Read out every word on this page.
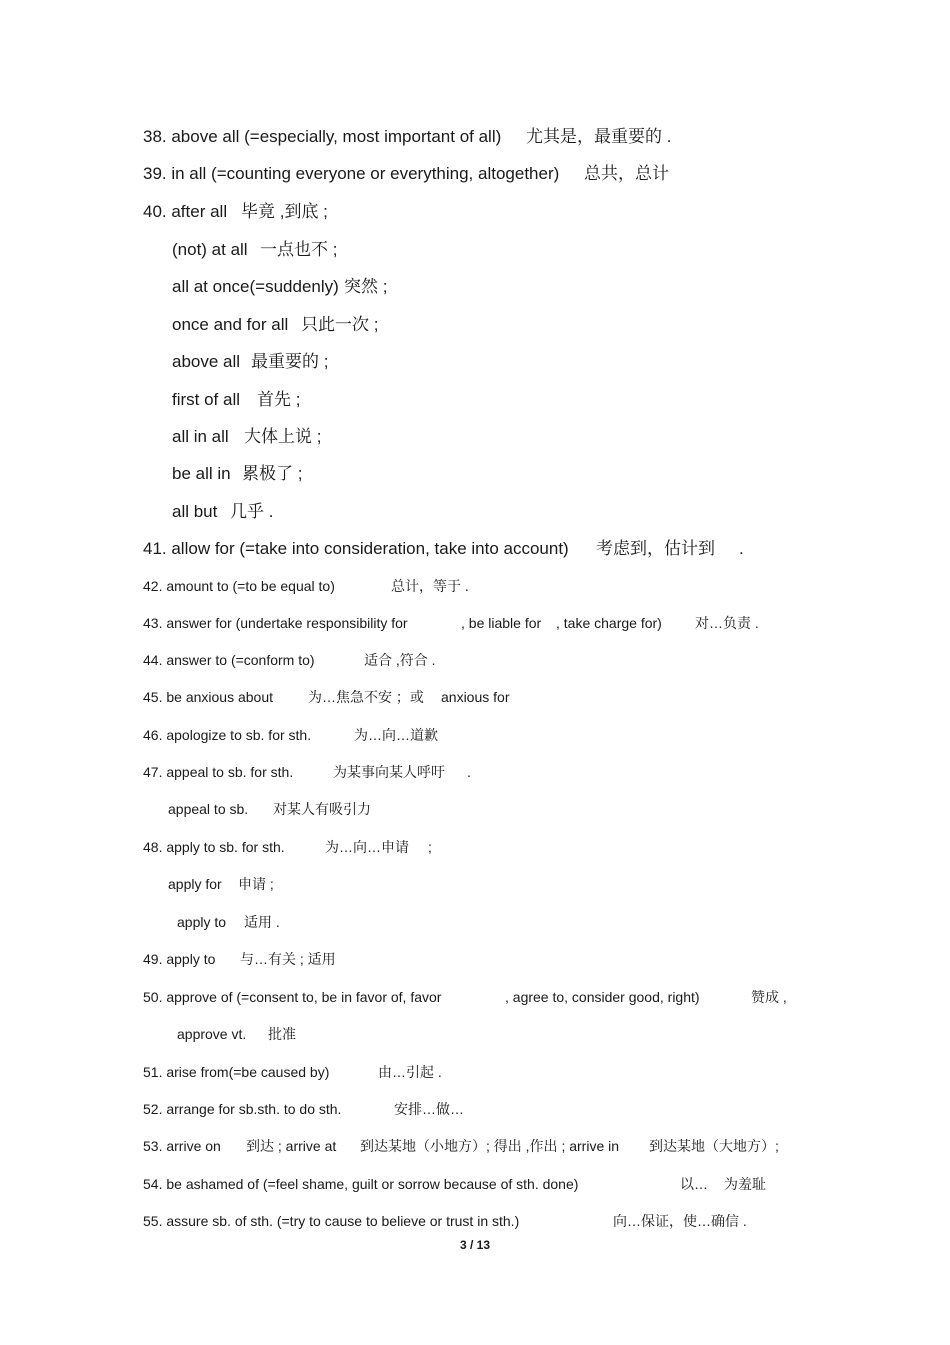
38. above all (=especially, most important of all) 尤其是，最重要的 .
39. in all (=counting everyone or everything, altogether) 总共，总计
40. after all 毕竟 ,到底 ;
(not) at all 一点也不 ;
all at once(=suddenly) 突然 ;
once and for all 只此一次 ;
above all 最重要的 ;
first of all 首先 ;
all in all 大体上说 ;
be all in 累极了 ;
all but 几乎 .
41. allow for (=take into consideration, take into account) 考虑到，估计到 .
42. amount to (=to be equal to)	总计，等于 .
43. answer for (undertake responsibility for	, be liable for , take charge for) 对…负责 .
44. answer to (=conform to)	适合 ,符合 .
45. be anxious about	为…焦急不安 ；或 anxious for
46. apologize to sb. for sth.	为…向…道歉
47. appeal to sb. for sth.	为某事向某人呼吁 .
appeal to sb. 对某人有吸引力
48. apply to sb. for sth.	为…向…申请 ;
apply for 申请 ;
apply to 适用 .
49. apply to 与…有关 ; 适用
50. approve of (=consent to, be in favor of, favor	, agree to, consider good, right)	赞成 ,
approve vt. 批准
51. arise from(=be caused by)	由…引起 .
52. arrange for sb.sth. to do sth.	安排…做…
53. arrive on 到达 ; arrive at 到达某地（小地方）; 得出 ,作出 ; arrive in 到达某地（大地方）;
54. be ashamed of (=feel shame, guilt or sorrow because of sth. done)	以… 为羞耻
55. assure sb. of sth. (=try to cause to believe or trust in sth.)	向…保证，使…确信 .
3 / 13
